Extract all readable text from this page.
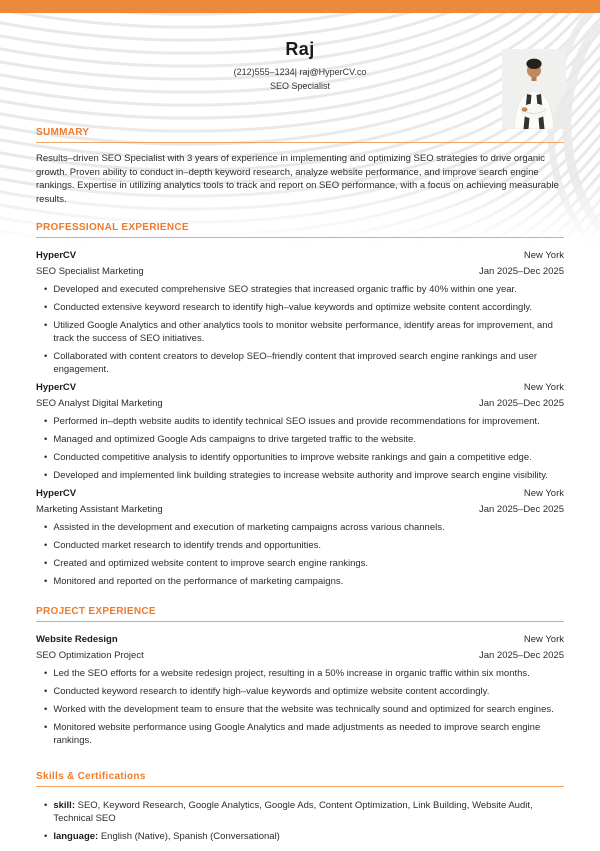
Raj
(212)555–1234| raj@HyperCV.co
SEO Specialist
SUMMARY
Results–driven SEO Specialist with 3 years of experience in implementing and optimizing SEO strategies to drive organic growth. Proven ability to conduct in–depth keyword research, analyze website performance, and improve search engine rankings. Expertise in utilizing analytics tools to track and report on SEO performance, with a focus on achieving measurable results.
PROFESSIONAL EXPERIENCE
HyperCV	New York
SEO Specialist Marketing	Jan 2025–Dec 2025
• Developed and executed comprehensive SEO strategies that increased organic traffic by 40% within one year.
• Conducted extensive keyword research to identify high–value keywords and optimize website content accordingly.
• Utilized Google Analytics and other analytics tools to monitor website performance, identify areas for improvement, and track the success of SEO initiatives.
• Collaborated with content creators to develop SEO–friendly content that improved search engine rankings and user engagement.
HyperCV	New York
SEO Analyst Digital Marketing	Jan 2025–Dec 2025
• Performed in–depth website audits to identify technical SEO issues and provide recommendations for improvement.
• Managed and optimized Google Ads campaigns to drive targeted traffic to the website.
• Conducted competitive analysis to identify opportunities to improve website rankings and gain a competitive edge.
• Developed and implemented link building strategies to increase website authority and improve search engine visibility.
HyperCV	New York
Marketing Assistant Marketing	Jan 2025–Dec 2025
• Assisted in the development and execution of marketing campaigns across various channels.
• Conducted market research to identify trends and opportunities.
• Created and optimized website content to improve search engine rankings.
• Monitored and reported on the performance of marketing campaigns.
PROJECT EXPERIENCE
Website Redesign	New York
SEO Optimization Project	Jan 2025–Dec 2025
• Led the SEO efforts for a website redesign project, resulting in a 50% increase in organic traffic within six months.
• Conducted keyword research to identify high–value keywords and optimize website content accordingly.
• Worked with the development team to ensure that the website was technically sound and optimized for search engines.
• Monitored website performance using Google Analytics and made adjustments as needed to improve search engine rankings.
Skills & Certifications
• skill: SEO, Keyword Research, Google Analytics, Google Ads, Content Optimization, Link Building, Website Audit, Technical SEO
• language: English (Native), Spanish (Conversational)
